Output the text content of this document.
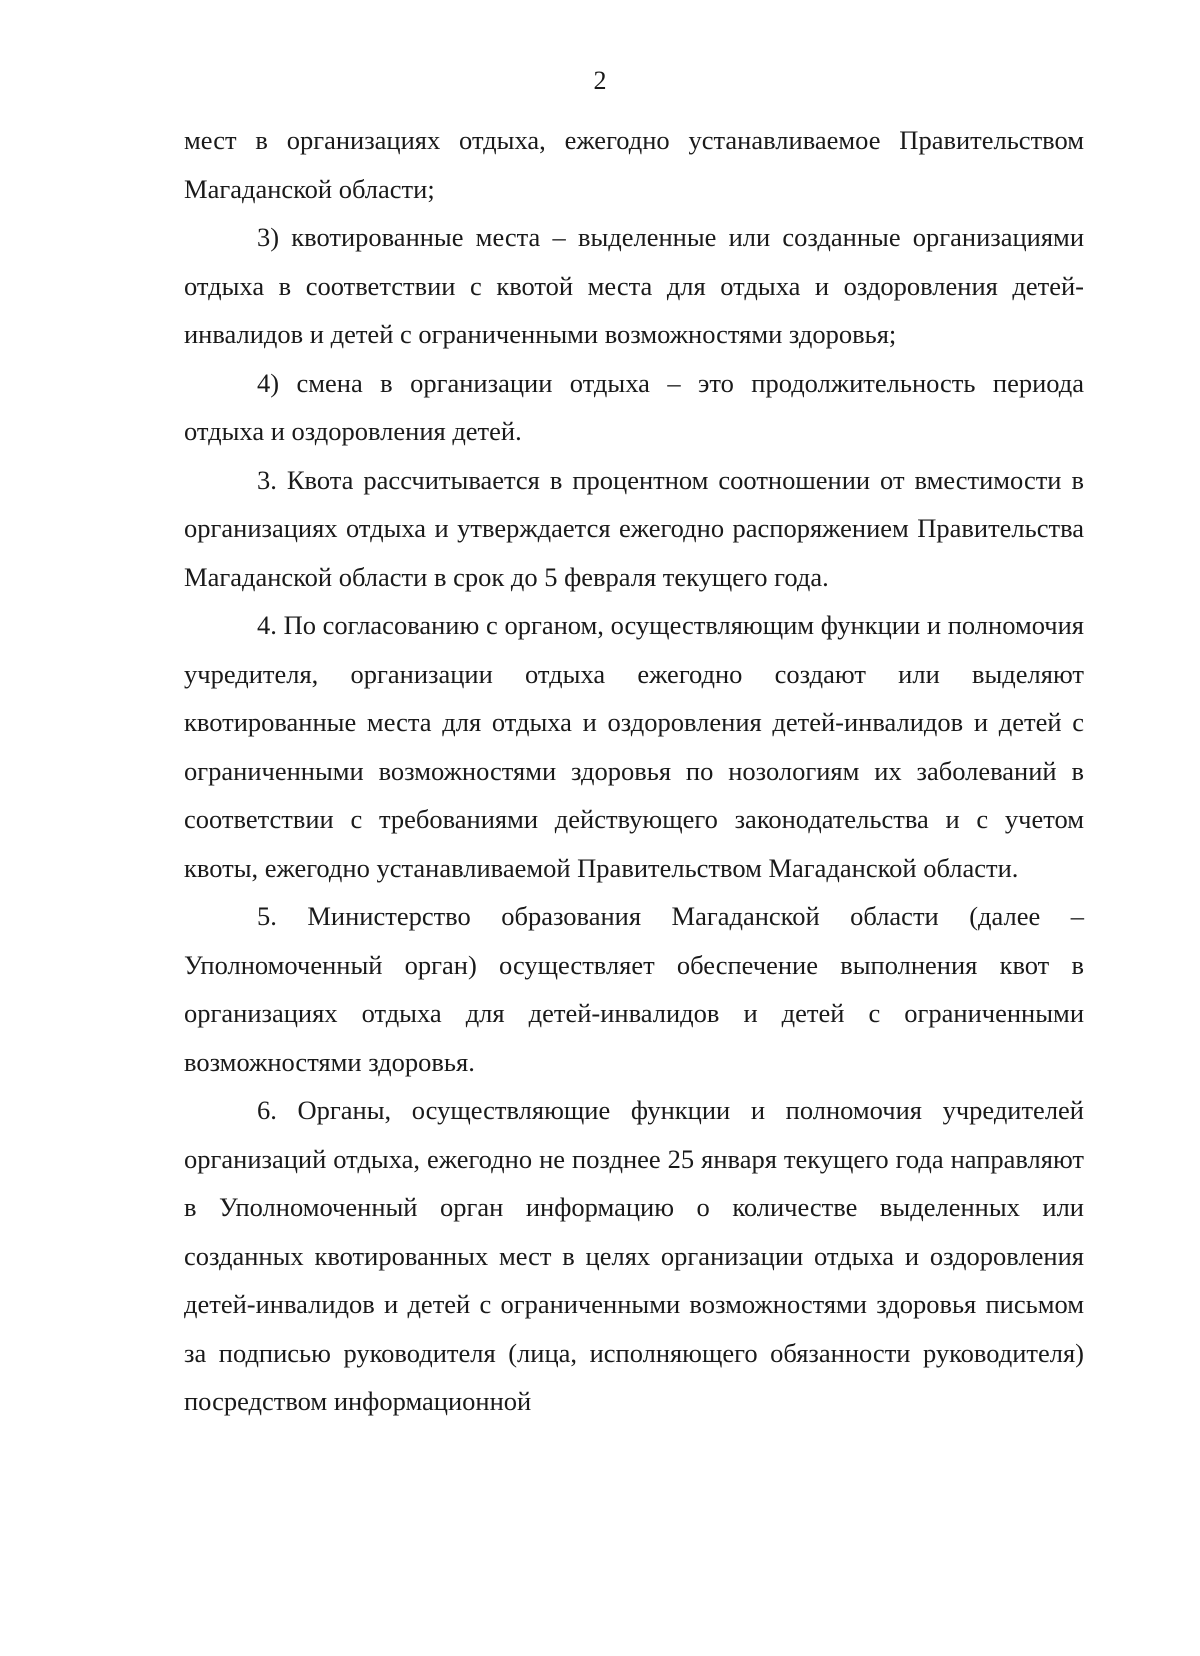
2

мест в организациях отдыха, ежегодно устанавливаемое Правительством Магаданской области;

3) квотированные места – выделенные или созданные организациями отдыха в соответствии с квотой места для отдыха и оздоровления детей-инвалидов и детей с ограниченными возможностями здоровья;

4) смена в организации отдыха – это продолжительность периода отдыха и оздоровления детей.

3. Квота рассчитывается в процентном соотношении от вместимости в организациях отдыха и утверждается ежегодно распоряжением Правительства Магаданской области в срок до 5 февраля текущего года.

4. По согласованию с органом, осуществляющим функции и полномочия учредителя, организации отдыха ежегодно создают или выделяют квотированные места для отдыха и оздоровления детей-инвалидов и детей с ограниченными возможностями здоровья по нозологиям их заболеваний в соответствии с требованиями действующего законодательства и с учетом квоты, ежегодно устанавливаемой Правительством Магаданской области.

5. Министерство образования Магаданской области (далее – Уполномоченный орган) осуществляет обеспечение выполнения квот в организациях отдыха для детей-инвалидов и детей с ограниченными возможностями здоровья.

6. Органы, осуществляющие функции и полномочия учредителей организаций отдыха, ежегодно не позднее 25 января текущего года направляют в Уполномоченный орган информацию о количестве выделенных или созданных квотированных мест в целях организации отдыха и оздоровления детей-инвалидов и детей с ограниченными возможностями здоровья письмом за подписью руководителя (лица, исполняющего обязанности руководителя) посредством информационной
